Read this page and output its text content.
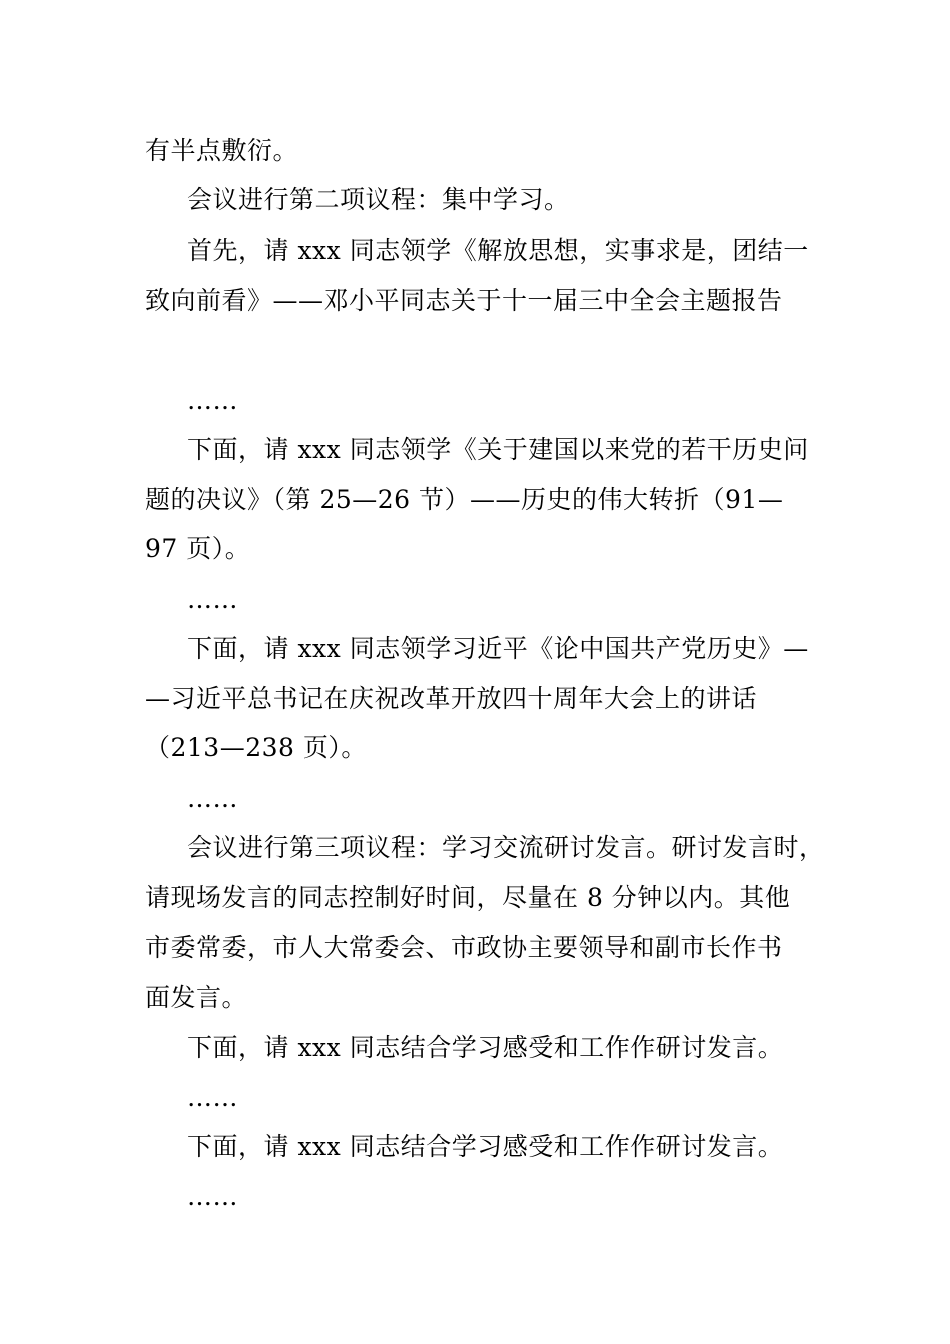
有半点敷衍。
会议进行第二项议程：集中学习。
首先，请 xxx 同志领学《解放思想，实事求是，团结一
致向前看》——邓小平同志关于十一届三中全会主题报告
……
下面，请 xxx 同志领学《关于建国以来党的若干历史问
题的决议》（第 25—26 节）——历史的伟大转折（91—
97 页）。
……
下面，请 xxx 同志领学习近平《论中国共产党历史》—
—习近平总书记在庆祝改革开放四十周年大会上的讲话
（213—238 页）。
……
会议进行第三项议程：学习交流研讨发言。研讨发言时，
请现场发言的同志控制好时间，尽量在 8 分钟以内。其他
市委常委，市人大常委会、市政协主要领导和副市长作书
面发言。
下面，请 xxx 同志结合学习感受和工作作研讨发言。
……
下面，请 xxx 同志结合学习感受和工作作研讨发言。
……
